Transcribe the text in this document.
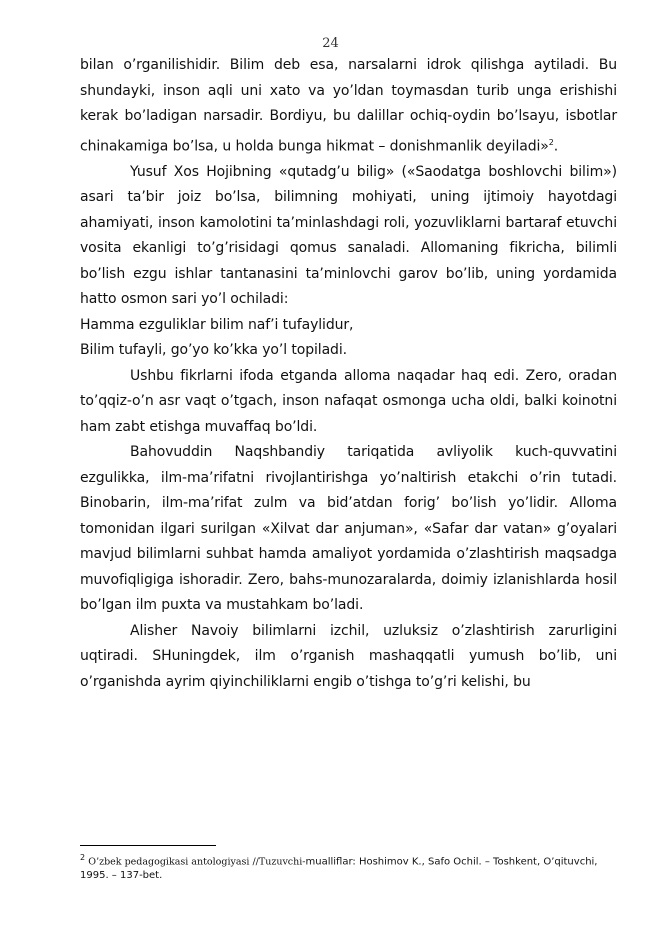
24

bilan o’rganilishidir. Bilim deb esa, narsalarni idrok qilishga aytiladi. Bu shundayki, inson aqli uni xato va yo’ldan toymasdan turib unga erishishi kerak bo’ladigan narsadir. Bordiyu, bu dalillar ochiq-oydin bo’lsayu, isbotlar chinakamiga bo’lsa, u holda bunga hikmat – donishmanlik deyiladi»$^2$.

Yusuf Xos Hojibning «qutadg’u bilig» («Saodatga boshlovchi bilim») asari ta’bir joiz bo’lsa, bilimning mohiyati, uning ijtimoiy hayotdagi ahamiyati, inson kamolotini ta’minlashdagi roli, yozuvliklarni bartaraf etuvchi vosita ekanligi to’g’risidagi qomus sanaladi. Allomaning fikricha, bilimli bo’lish ezgu ishlar tantanasini ta’minlovchi garov bo’lib, uning yordamida hatto osmon sari yo’l ochiladi:

Hamma ezguliklar bilim naf’i tufaylidur,

Bilim tufayli, go’yo ko’kka yo’l topiladi.

Ushbu fikrlarni ifoda etganda alloma naqadar haq edi. Zero, oradan to’qqiz-o’n asr vaqt o’tgach, inson nafaqat osmonga ucha oldi, balki koinotni ham zabt etishga muvaffaq bo’ldi.

Bahovuddin Naqshbandiy tariqatida avliyolik kuch-quvvatini ezgulikka, ilm-ma’rifatni rivojlantirishga yo’naltirish etakchi o’rin tutadi. Binobarin, ilm-ma’rifat zulm va bid’atdan forig’ bo’lish yo’lidir. Alloma tomonidan ilgari surilgan «Xilvat dar anjuman», «Safar dar vatan» g’oyalari mavjud bilimlarni suhbat hamda amaliyot yordamida o’zlashtirish maqsadga muvofiqligiga ishoradir. Zero, bahs-munozaralarda, doimiy izlanishlarda hosil bo’lgan ilm puxta va mustahkam bo’ladi.

Alisher Navoiy bilimlarni izchil, uzluksiz o’zlashtirish zarurligini uqtiradi. SHuningdek, ilm o’rganish mashaqqatli yumush bo’lib, uni o’rganishda ayrim qiyinchiliklarni engib o’tishga to’g’ri kelishi, bu

$^2$ O’zbek pedagogikasi antologiyasi //Tuzuvchi-mualliflar: Hoshimov K., Safo Ochil. – Toshkent, O’qituvchi, 1995. – 137-bet.
